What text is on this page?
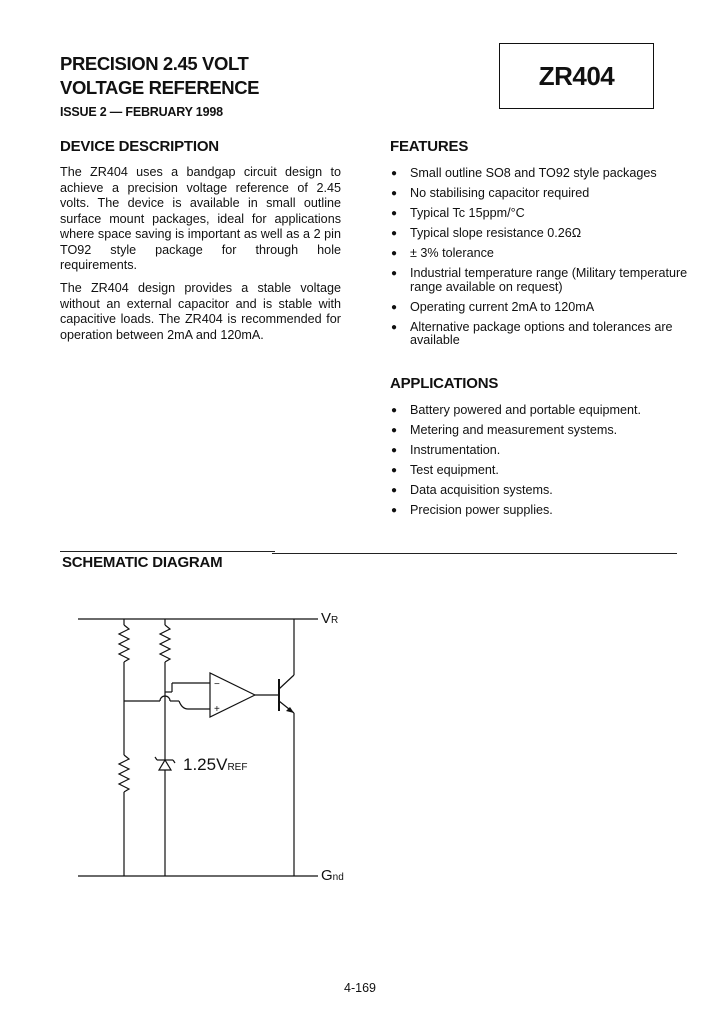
PRECISION 2.45 VOLT
VOLTAGE REFERENCE
ISSUE 2 — FEBRUARY 1998
ZR404
DEVICE DESCRIPTION
The ZR404 uses a bandgap circuit design to achieve a precision voltage reference of 2.45 volts. The device is available in small outline surface mount packages, ideal for applications where space saving is important as well as a 2 pin TO92 style package for through hole requirements.
The ZR404 design provides a stable voltage without an external capacitor and is stable with capacitive loads. The ZR404 is recommended for operation between 2mA and 120mA.
FEATURES
● Small outline SO8 and TO92 style packages
● No stabilising capacitor required
● Typical Tc 15ppm/°C
● Typical slope resistance 0.26Ω
● ± 3% tolerance
● Industrial temperature range (Military temperature range available on request)
● Operating current 2mA to 120mA
● Alternative package options and tolerances are available
APPLICATIONS
● Battery powered and portable equipment.
● Metering and measurement systems.
● Instrumentation.
● Test equipment.
● Data acquisition systems.
● Precision power supplies.
SCHEMATIC DIAGRAM
−
+
1.25VREF
VR
Gnd
4-169
